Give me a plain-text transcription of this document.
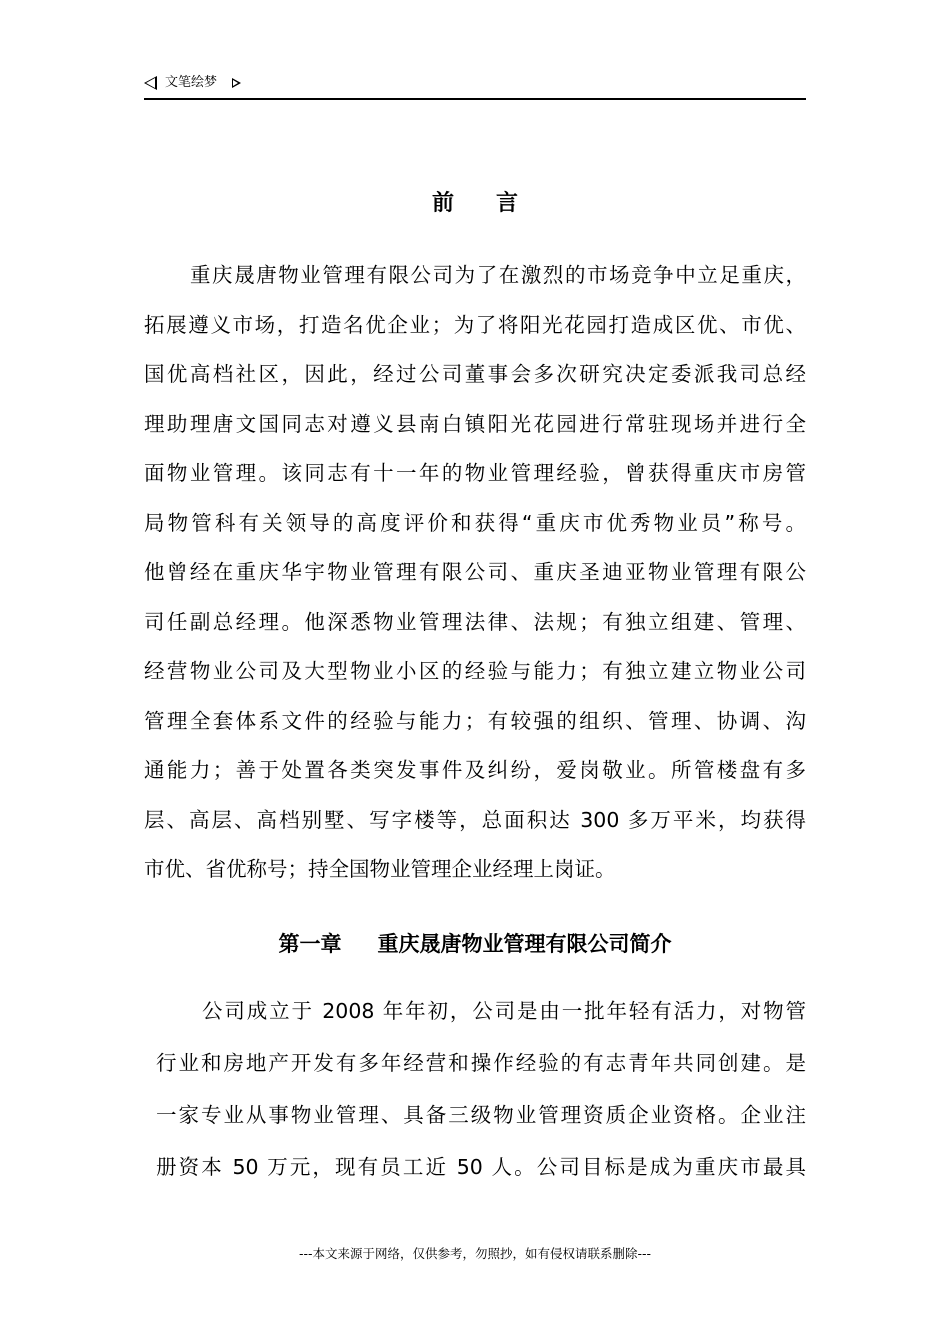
文笔绘梦
前 言
重庆晟唐物业管理有限公司为了在激烈的市场竞争中立足重庆，
拓展遵义市场，打造名优企业；为了将阳光花园打造成区优、市优、
国优高档社区，因此，经过公司董事会多次研究决定委派我司总经
理助理唐文国同志对遵义县南白镇阳光花园进行常驻现场并进行全
面物业管理。该同志有十一年的物业管理经验，曾获得重庆市房管
局物管科有关领导的高度评价和获得“重庆市优秀物业员”称号。
他曾经在重庆华宇物业管理有限公司、重庆圣迪亚物业管理有限公
司任副总经理。他深悉物业管理法律、法规；有独立组建、管理、
经营物业公司及大型物业小区的经验与能力；有独立建立物业公司
管理全套体系文件的经验与能力；有较强的组织、管理、协调、沟
通能力；善于处置各类突发事件及纠纷，爱岗敬业。所管楼盘有多
层、高层、高档别墅、写字楼等，总面积达 300 多万平米，均获得
市优、省优称号；持全国物业管理企业经理上岗证。
第一章 重庆晟唐物业管理有限公司简介
公司成立于 2008 年年初，公司是由一批年轻有活力，对物管
行业和房地产开发有多年经营和操作经验的有志青年共同创建。是
一家专业从事物业管理、具备三级物业管理资质企业资格。企业注
册资本 50 万元，现有员工近 50 人。公司目标是成为重庆市最具
---本文来源于网络，仅供参考，勿照抄，如有侵权请联系删除---
